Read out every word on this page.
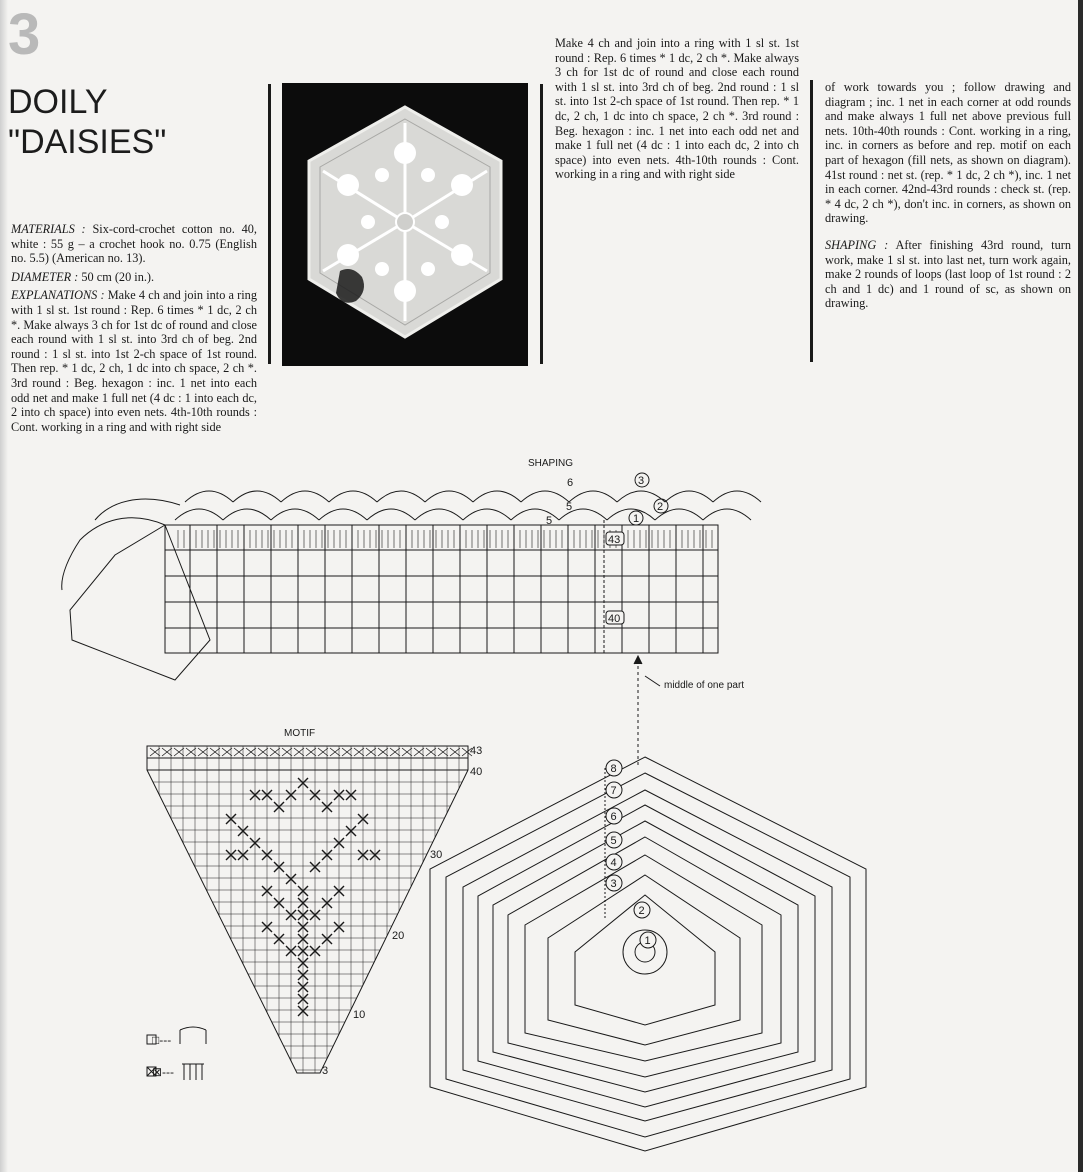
3
DOILY
"DAISIES"

MATERIALS : Six-cord-crochet cotton no. 40, white : 55 g – a crochet hook no. 0.75 (English no. 5.5) (American no. 13).

DIAMETER : 50 cm (20 in.).

EXPLANATIONS : Make 4 ch and join into a ring with 1 sl st. 1st round : Rep. 6 times * 1 dc, 2 ch *. Make always 3 ch for 1st dc of round and close each round with 1 sl st. into 3rd ch of beg. 2nd round : 1 sl st. into 1st 2-ch space of 1st round. Then rep. * 1 dc, 2 ch, 1 dc into ch space, 2 ch *. 3rd round : Beg. hexagon : inc. 1 net into each odd net and make 1 full net (4 dc : 1 into each dc, 2 into ch space) into even nets. 4th-10th rounds : Cont. working in a ring and with right side

Make 4 ch and join into a ring with 1 sl st. 1st round : Rep. 6 times * 1 dc, 2 ch *. Make always 3 ch for 1st dc of round and close each round with 1 sl st. into 3rd ch of beg. 2nd round : 1 sl st. into 1st 2-ch space of 1st round. Then rep. * 1 dc, 2 ch, 1 dc into ch space, 2 ch *. 3rd round : Beg. hexagon : inc. 1 net into each odd net and make 1 full net (4 dc : 1 into each dc, 2 into ch space) into even nets. 4th-10th rounds : Cont. working in a ring and with right side

of work towards you ; follow drawing and diagram ; inc. 1 net in each corner at odd rounds and make always 1 full net above previous full nets. 10th-40th rounds : Cont. working in a ring, inc. in corners as before and rep. motif on each part of hexagon (fill nets, as shown on diagram). 41st round : net st. (rep. * 1 dc, 2 ch *), inc. 1 net in each corner. 42nd-43rd rounds : check st. (rep. * 4 dc, 2 ch *), don't inc. in corners, as shown on drawing.

SHAPING : After finishing 43rd round, turn work, make 1 sl st. into last net, turn work again, make 2 rounds of loops (last loop of 1st round : 2 ch and 1 dc) and 1 round of sc, as shown on drawing.

SHAPING
middle of one part
MOTIF
3
2
1
6
5
5
43
40
43
40
30
20
10
3
8
7
6
5
4
3
2
1
□---
⊠---
